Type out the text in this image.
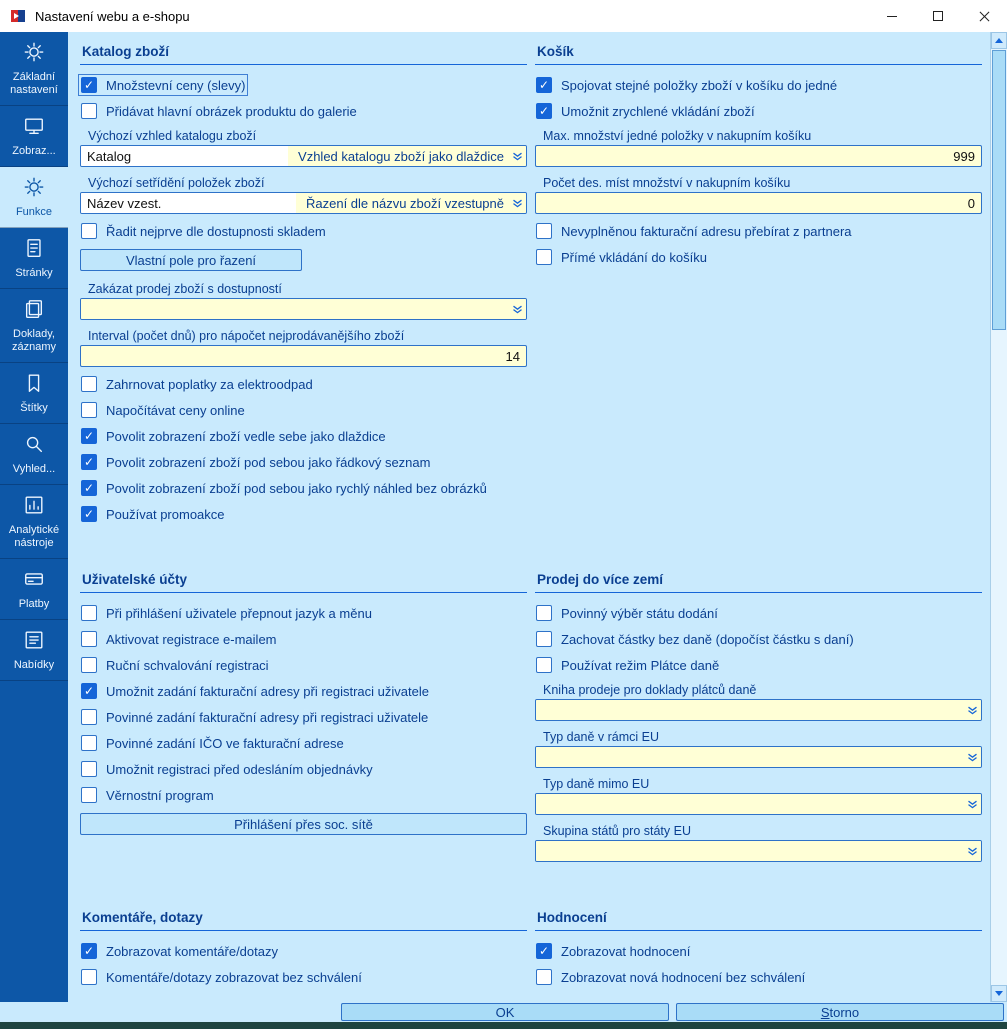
Nastavení webu a e-shopu
Základní nastavení
Zobraz...
Funkce
Stránky
Doklady, záznamy
Štítky
Vyhled...
Analytické nástroje
Platby
Nabídky
Katalog zboží
✓ Množstevní ceny (slevy)
Přidávat hlavní obrázek produktu do galerie
Výchozí vzhled katalogu zboží
Katalog	Vzhled katalogu zboží jako dlaždice
Výchozí setřídění položek zboží
Název vzest.	Řazení dle názvu zboží vzestupně
Řadit nejprve dle dostupnosti skladem
Vlastní pole pro řazení
Zakázat prodej zboží s dostupností
Interval (počet dnů) pro nápočet nejprodávanějšího zboží
14
Zahrnovat poplatky za elektroodpad
Napočítávat ceny online
✓ Povolit zobrazení zboží vedle sebe jako dlaždice
✓ Povolit zobrazení zboží pod sebou jako řádkový seznam
✓ Povolit zobrazení zboží pod sebou jako rychlý náhled bez obrázků
✓ Používat promoakce
Košík
✓ Spojovat stejné položky zboží v košíku do jedné
✓ Umožnit zrychlené vkládání zboží
Max. množství jedné položky v nakupním košíku
999
Počet des. míst množství v nakupním košíku
0
Nevyplněnou fakturační adresu přebírat z partnera
Přímé vkládání do košíku
Uživatelské účty
Při přihlášení uživatele přepnout jazyk a měnu
Aktivovat registrace e-mailem
Ruční schvalování registraci
✓ Umožnit zadání fakturační adresy při registraci uživatele
Povinné zadání fakturační adresy při registraci uživatele
Povinné zadání IČO ve fakturační adrese
Umožnit registraci před odesláním objednávky
Věrnostní program
Přihlášení přes soc. sítě
Prodej do více zemí
Povinný výběr státu dodání
Zachovat částky bez daně (dopočíst částku s daní)
Používat režim Plátce daně
Kniha prodeje pro doklady plátců daně
Typ daně v rámci EU
Typ daně mimo EU
Skupina států pro státy EU
Komentáře, dotazy
✓ Zobrazovat komentáře/dotazy
Komentáře/dotazy zobrazovat bez schválení
Hodnocení
✓ Zobrazovat hodnocení
Zobrazovat nová hodnocení bez schválení
OK	S torno
